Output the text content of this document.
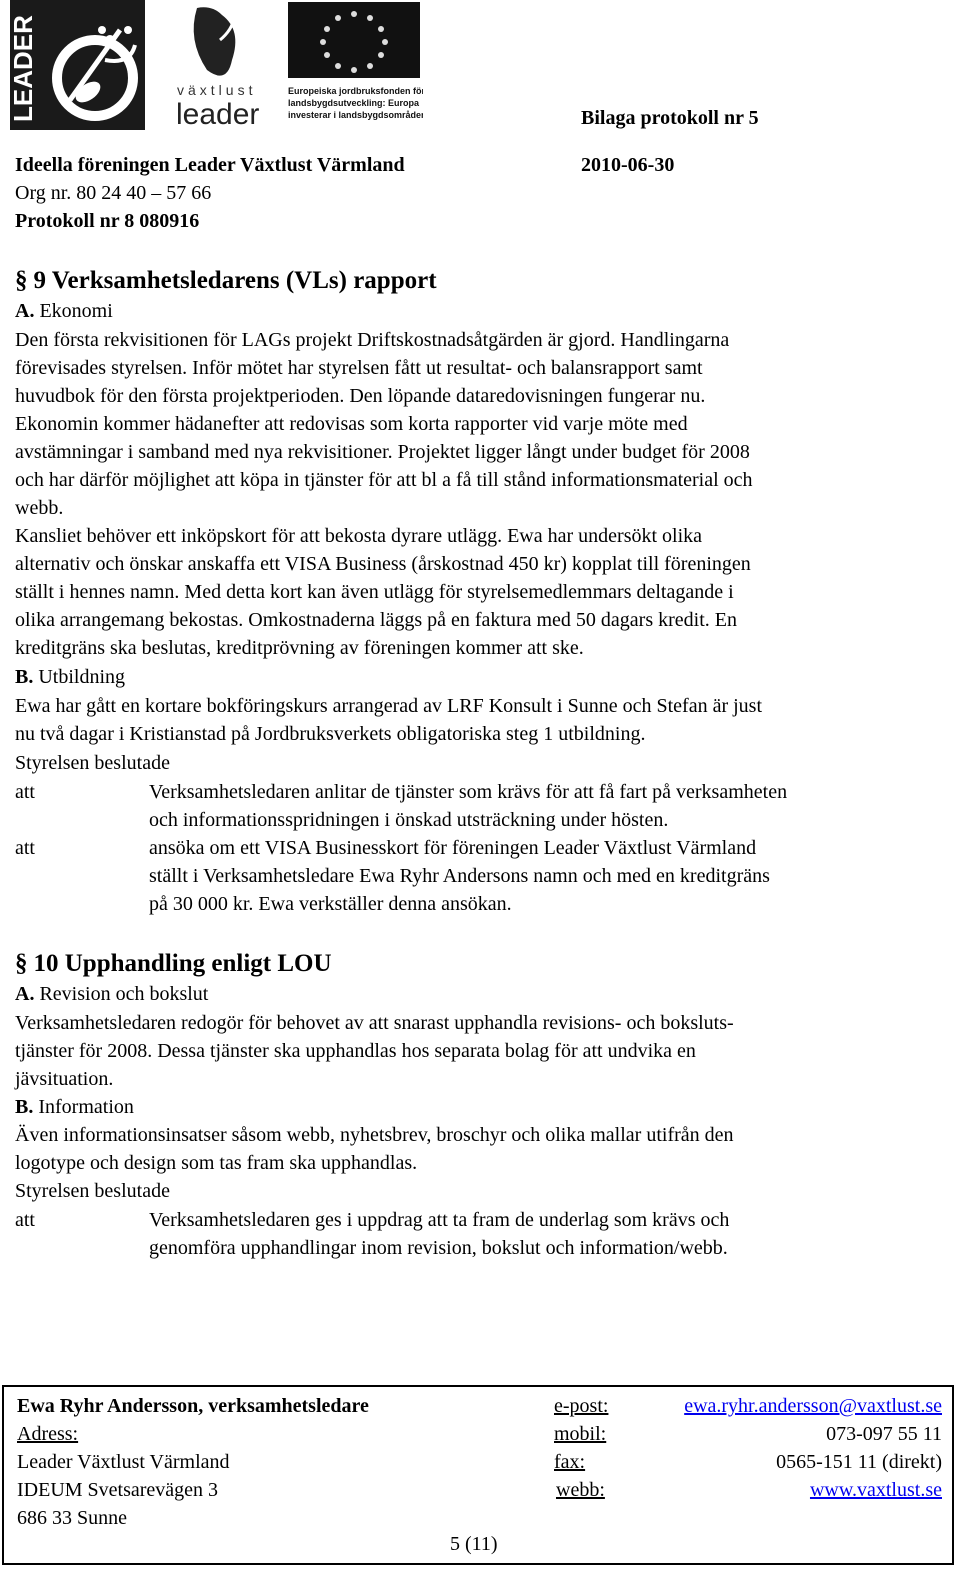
LEADER	växtlust
leader
Europeiska jordbruksfonden för
landsbygdsutveckling: Europa
investerar i landsbygdsområden	Bilaga protokoll nr 5
Ideella föreningen Leader Växtlust Värmland	2010-06-30
Org nr. 80 24 40 – 57 66
Protokoll nr 8 080916
§ 9 Verksamhetsledarens (VLs) rapport
A. Ekonomi
Den första rekvisitionen för LAGs projekt Driftskostnadsåtgärden är gjord. Handlingarna
förevisades styrelsen. Inför mötet har styrelsen fått ut resultat- och balansrapport samt
huvudbok för den första projektperioden. Den löpande dataredovisningen fungerar nu.
Ekonomin kommer hädanefter att redovisas som korta rapporter vid varje möte med
avstämningar i samband med nya rekvisitioner. Projektet ligger långt under budget för 2008
och har därför möjlighet att köpa in tjänster för att bl a få till stånd informationsmaterial och
webb.
Kansliet behöver ett inköpskort för att bekosta dyrare utlägg. Ewa har undersökt olika
alternativ och önskar anskaffa ett VISA Business (årskostnad 450 kr) kopplat till föreningen
ställt i hennes namn. Med detta kort kan även utlägg för styrelsemedlemmars deltagande i
olika arrangemang bekostas. Omkostnaderna läggs på en faktura med 50 dagars kredit. En
kreditgräns ska beslutas, kreditprövning av föreningen kommer att ske.
B. Utbildning
Ewa har gått en kortare bokföringskurs arrangerad av LRF Konsult i Sunne och Stefan är just
nu två dagar i Kristianstad på Jordbruksverkets obligatoriska steg 1 utbildning.
Styrelsen beslutade
att	Verksamhetsledaren anlitar de tjänster som krävs för att få fart på verksamheten
och informationsspridningen i önskad utsträckning under hösten.
att	ansöka om ett VISA Businesskort för föreningen Leader Växtlust Värmland
ställt i Verksamhetsledare Ewa Ryhr Andersons namn och med en kreditgräns
på 30 000 kr. Ewa verkställer denna ansökan.
§ 10 Upphandling enligt LOU
A. Revision och bokslut
Verksamhetsledaren redogör för behovet av att snarast upphandla revisions- och boksluts-
tjänster för 2008. Dessa tjänster ska upphandlas hos separata bolag för att undvika en
jävsituation.
B. Information
Även informationsinsatser såsom webb, nyhetsbrev, broschyr och olika mallar utifrån den
logotype och design som tas fram ska upphandlas.
Styrelsen beslutade
att	Verksamhetsledaren ges i uppdrag att ta fram de underlag som krävs och
genomföra upphandlingar inom revision, bokslut och information/webb.
Ewa Ryhr Andersson, verksamhetsledare
Adress:
Leader Växtlust Värmland
IDEUM Svetsarevägen 3
686 33 Sunne
e-post:	ewa.ryhr.andersson@vaxtlust.se
mobil:	073-097 55 11
fax:	0565-151 11 (direkt)
webb:	www.vaxtlust.se
5 (11)
